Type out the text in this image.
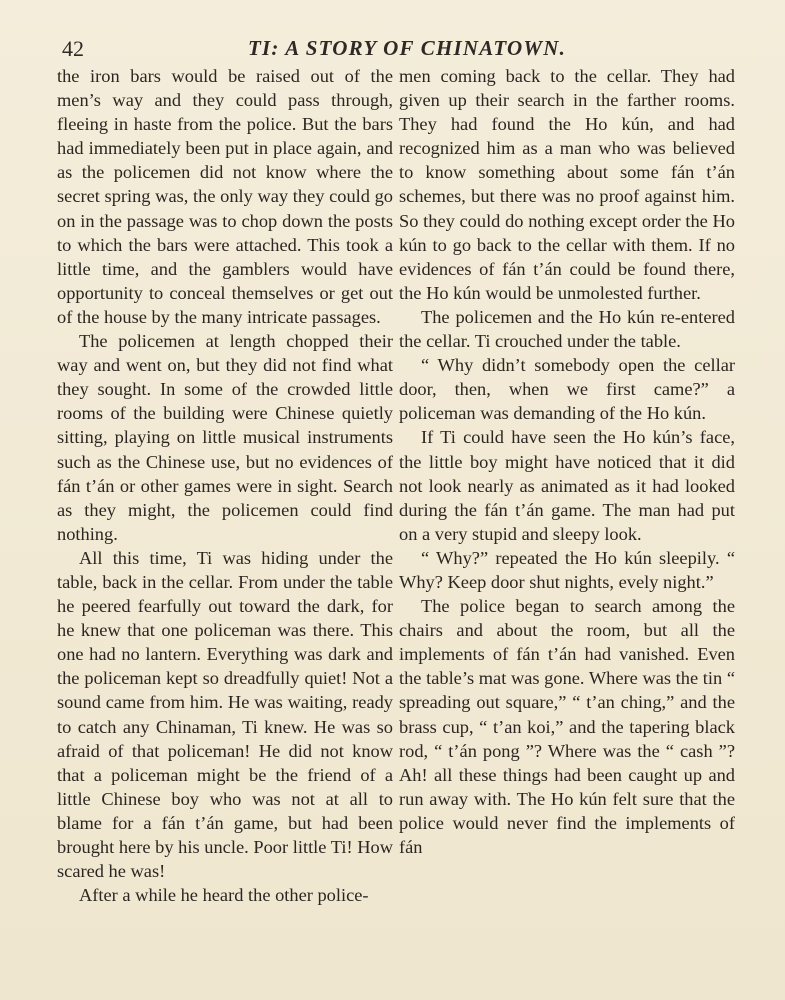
42	TI: A STORY OF CHINATOWN.

the iron bars would be raised out of the men’s way and they could pass through, fleeing in haste from the police. But the bars had immediately been put in place again, and as the policemen did not know where the secret spring was, the only way they could go on in the passage was to chop down the posts to which the bars were attached. This took a little time, and the gamblers would have opportunity to conceal themselves or get out of the house by the many intricate passages.

The policemen at length chopped their way and went on, but they did not find what they sought. In some of the crowded little rooms of the building were Chinese quietly sitting, playing on little musical instruments such as the Chinese use, but no evidences of fán t’án or other games were in sight. Search as they might, the policemen could find nothing.

All this time, Ti was hiding under the table, back in the cellar. From under the table he peered fearfully out toward the dark, for he knew that one policeman was there. This one had no lantern. Everything was dark and the policeman kept so dreadfully quiet! Not a sound came from him. He was waiting, ready to catch any Chinaman, Ti knew. He was so afraid of that policeman! He did not know that a policeman might be the friend of a little Chinese boy who was not at all to blame for a fán t’án game, but had been brought here by his uncle. Poor little Ti! How scared he was!

After a while he heard the other police-

men coming back to the cellar. They had given up their search in the farther rooms. They had found the Ho kún, and had recognized him as a man who was believed to know something about some fán t’án schemes, but there was no proof against him. So they could do nothing except order the Ho kún to go back to the cellar with them. If no evidences of fán t’án could be found there, the Ho kún would be unmolested further.

The policemen and the Ho kún re-entered the cellar. Ti crouched under the table.

“ Why didn’t somebody open the cellar door, then, when we first came?” a policeman was demanding of the Ho kún.

If Ti could have seen the Ho kún’s face, the little boy might have noticed that it did not look nearly as animated as it had looked during the fán t’án game. The man had put on a very stupid and sleepy look.

“ Why?” repeated the Ho kún sleepily. “ Why? Keep door shut nights, evely night.”

The police began to search among the chairs and about the room, but all the implements of fán t’án had vanished. Even the table’s mat was gone. Where was the tin “ spreading out square,” “ t’an ching,” and the brass cup, “ t’an koi,” and the tapering black rod, “ t’án pong ”? Where was the “ cash ”? Ah! all these things had been caught up and run away with. The Ho kún felt sure that the police would never find the implements of fán
